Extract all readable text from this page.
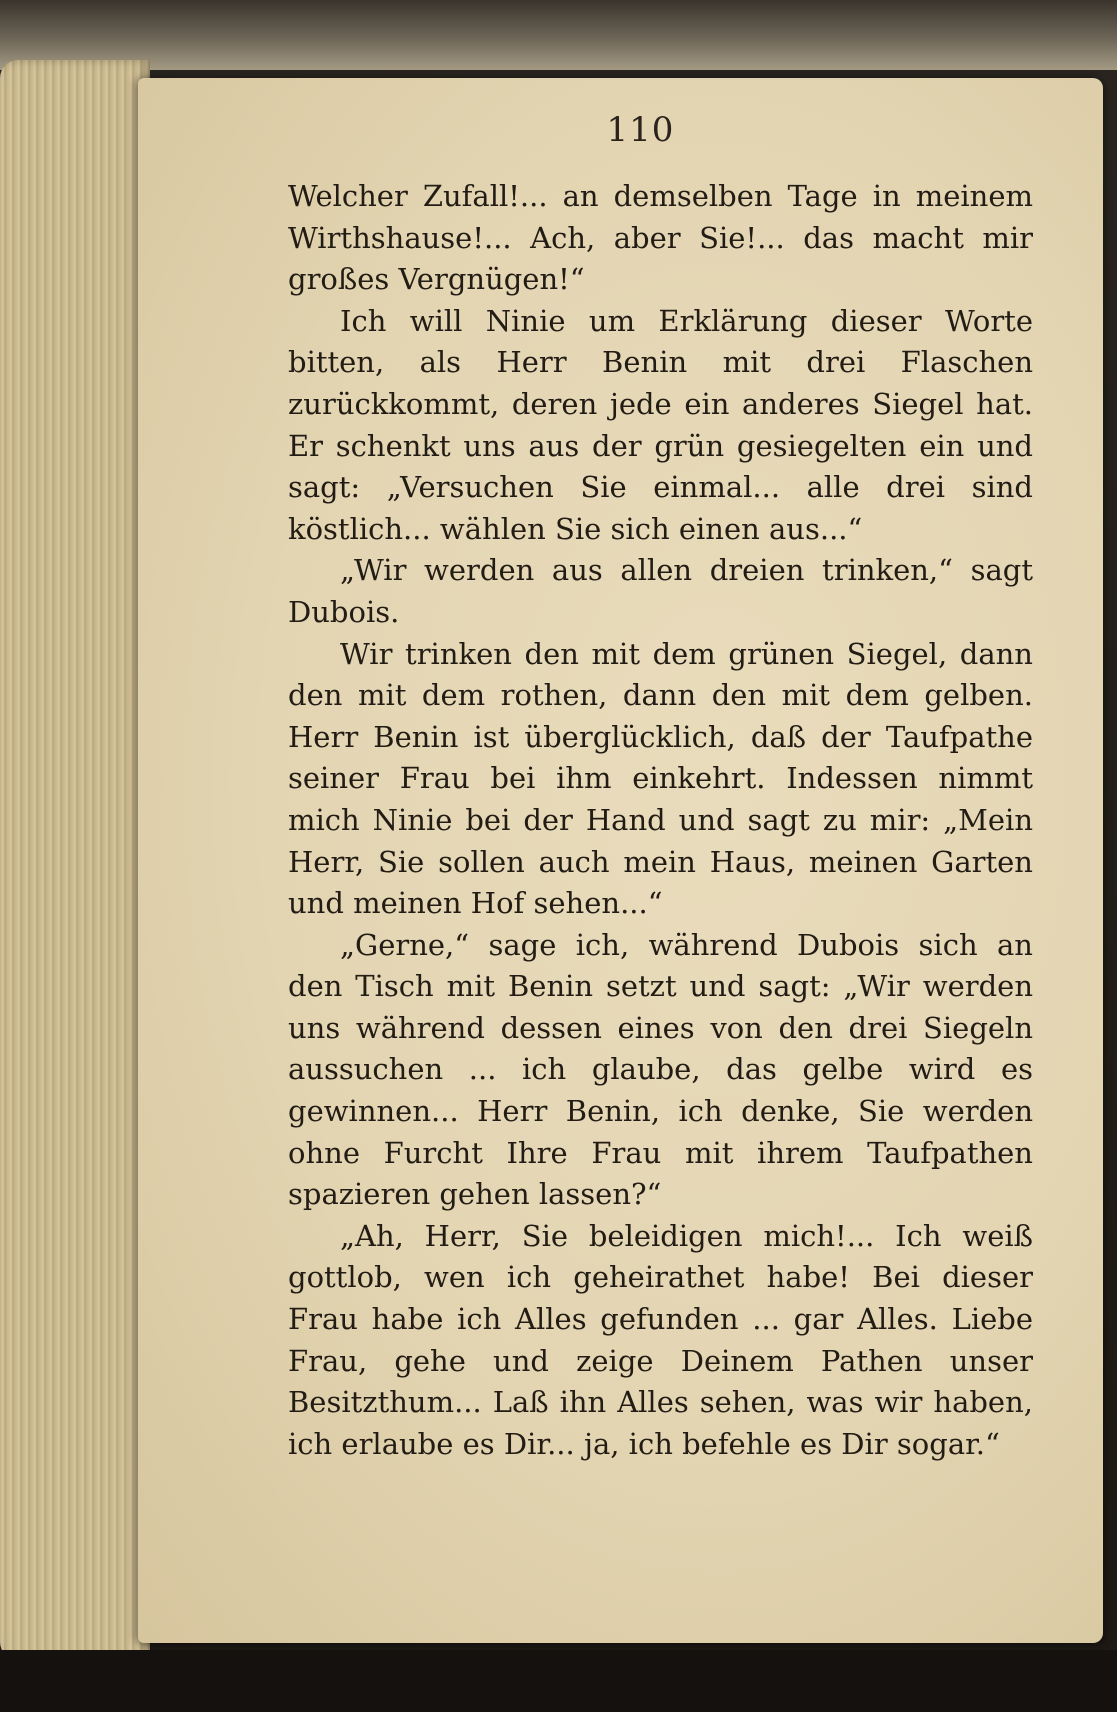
110

Welcher Zufall!... an demselben Tage in meinem Wirthshause!... Ach, aber Sie!... das macht mir großes Vergnügen!“

Ich will Ninie um Erklärung dieser Worte bitten, als Herr Benin mit drei Flaschen zurückkommt, deren jede ein anderes Siegel hat. Er schenkt uns aus der grün gesiegelten ein und sagt: „Versuchen Sie einmal... alle drei sind köstlich... wählen Sie sich einen aus...“

„Wir werden aus allen dreien trinken,“ sagt Dubois.

Wir trinken den mit dem grünen Siegel, dann den mit dem rothen, dann den mit dem gelben. Herr Benin ist überglücklich, daß der Taufpathe seiner Frau bei ihm einkehrt. Indessen nimmt mich Ninie bei der Hand und sagt zu mir: „Mein Herr, Sie sollen auch mein Haus, meinen Garten und meinen Hof sehen...“

„Gerne,“ sage ich, während Dubois sich an den Tisch mit Benin setzt und sagt: „Wir werden uns während dessen eines von den drei Siegeln aussuchen ... ich glaube, das gelbe wird es gewinnen... Herr Benin, ich denke, Sie werden ohne Furcht Ihre Frau mit ihrem Taufpathen spazieren gehen lassen?“

„Ah, Herr, Sie beleidigen mich!... Ich weiß gottlob, wen ich geheirathet habe! Bei dieser Frau habe ich Alles gefunden ... gar Alles. Liebe Frau, gehe und zeige Deinem Pathen unser Besitzthum... Laß ihn Alles sehen, was wir haben, ich erlaube es Dir... ja, ich befehle es Dir sogar.“
